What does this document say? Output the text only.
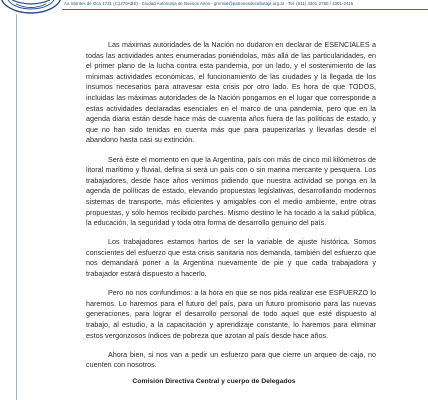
Av. Montes de Oca 1731 (C1270ABE) - Ciudad Autónoma de Buenos Aires - gremial@patronesdecabotaje.org.ar · Tel. (011) 4301-2780 / 4301-2415

Las máximas autoridades de la Nación no dudaron en declarar de ESENCIALES a todas las actividades antes enumeradas poniéndolas, más allá de las particularidades, en el primer plano de la lucha contra esta pandemia, por un lado, y el sostenimiento de las mínimas actividades económicas, el funcionamiento de las ciudades y la llegada de los insumos necesarios para atravesar esta crisis por otro lado. Es hora de que TODOS, incluidas las máximas autoridades de la Nación pongamos en el lugar que corresponde a estas actividades declaradas esenciales en el marco de una pandemia, pero que en la agenda diaria están desde hace más de cuarenta años fuera de las políticas de estado, y que no han sido tenidas en cuenta más que para pauperizarlas y llevarlas desde el abandono hasta casi su extinción.

Será éste el momento en que la Argentina, país con más de cinco mil kilómetros de litoral marítimo y fluvial, defina si será un país con o sin marina mercante y pesquera. Los trabajadores, desde hace años venimos pidiendo que nuestra actividad se ponga en la agenda de políticas de estado, elevando propuestas legislativas, desarrollando modernos sistemas de transporte, más eficientes y amigables con el medio ambiente, entre otras propuestas, y sólo hemos recibido parches. Mismo destino le ha tocado a la salud pública, la educación, la seguridad y toda otra forma de desarrollo genuino del país.

Los trabajadores estamos hartos de ser la variable de ajuste histórica. Somos conscientes del esfuerzo que esta crisis sanitaria nos demanda, también del esfuerzo que nos demandará poner a la Argentina nuevamente de pie y que cada trabajadora y trabajador estará dispuesto a hacerlo.

Pero no nos confundimos: a la hora en que se nos pida realizar ese ESFUERZO lo haremos. Lo haremos para el futuro del país, para un futuro promisorio para las nuevas generaciones, para lograr el desarrollo personal de todo aquel que esté dispuesto al trabajo, al estudio, a la capacitación y aprendizaje constante, lo haremos para eliminar estos vergonzosos índices de pobreza que azotan al país desde hace años.

Ahora bien, si nos van a pedir un esfuerzo para que cierre un arqueo de caja, no cuenten con nosotros.

Comisión Directiva Central y cuerpo de Delegados
